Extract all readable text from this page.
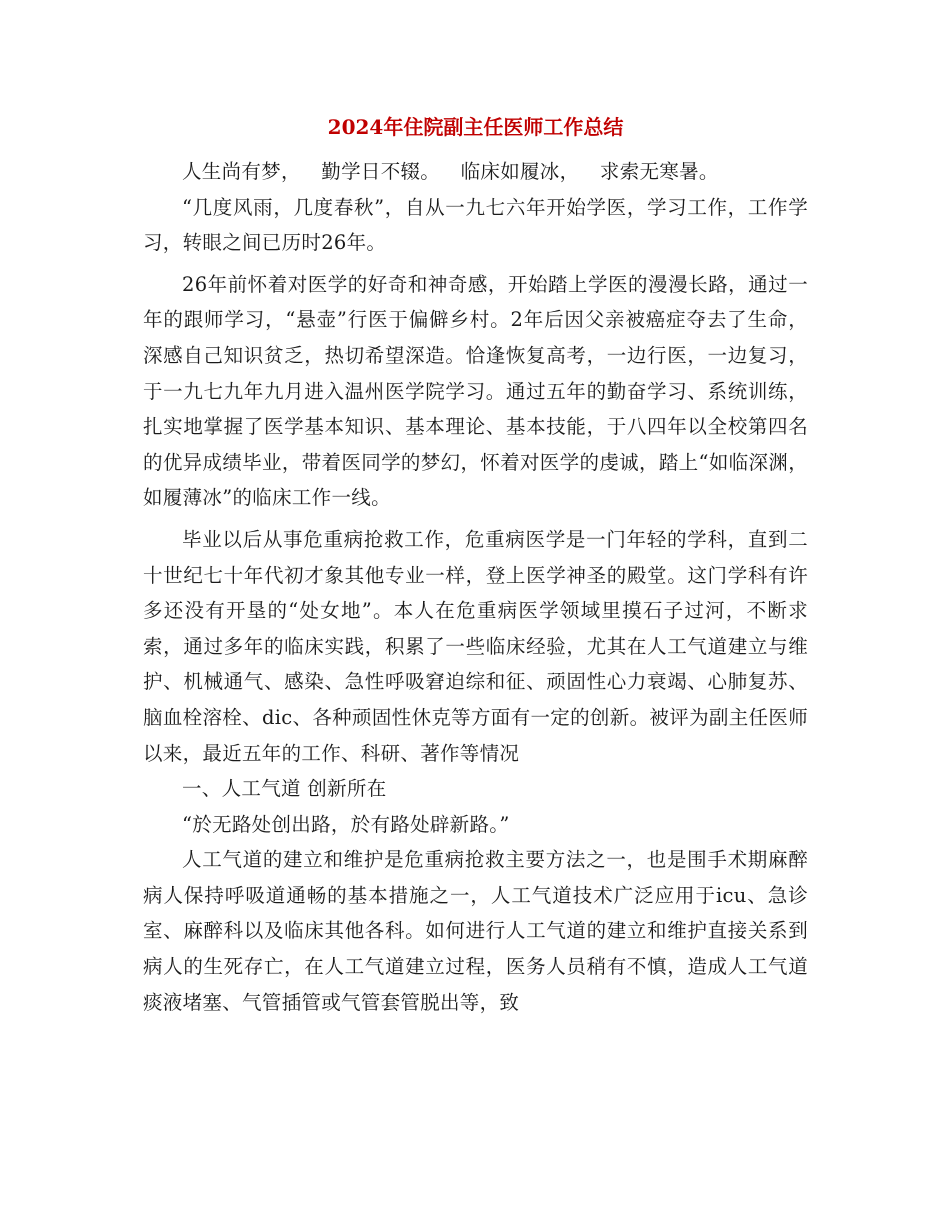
2024年住院副主任医师工作总结

人生尚有梦， 勤学日不辍。 临床如履冰， 求索无寒暑。

“几度风雨，几度春秋”，自从一九七六年开始学医，学习工作，工作学习，转眼之间已历时26年。

26年前怀着对医学的好奇和神奇感，开始踏上学医的漫漫长路，通过一年的跟师学习，“悬壶”行医于偏僻乡村。2年后因父亲被癌症夺去了生命，深感自己知识贫乏，热切希望深造。恰逢恢复高考，一边行医，一边复习，于一九七九年九月进入温州医学院学习。通过五年的勤奋学习、系统训练，扎实地掌握了医学基本知识、基本理论、基本技能，于八四年以全校第四名的优异成绩毕业，带着医同学的梦幻，怀着对医学的虔诚，踏上“如临深渊，如履薄冰”的临床工作一线。

毕业以后从事危重病抢救工作，危重病医学是一门年轻的学科，直到二十世纪七十年代初才象其他专业一样，登上医学神圣的殿堂。这门学科有许多还没有开垦的“处女地”。本人在危重病医学领域里摸石子过河，不断求索，通过多年的临床实践，积累了一些临床经验，尤其在人工气道建立与维护、机械通气、感染、急性呼吸窘迫综和征、顽固性心力衰竭、心肺复苏、脑血栓溶栓、dic、各种顽固性休克等方面有一定的创新。被评为副主任医师以来，最近五年的工作、科研、著作等情况

一、人工气道 创新所在

“於无路处创出路，於有路处辟新路。”

人工气道的建立和维护是危重病抢救主要方法之一，也是围手术期麻醉病人保持呼吸道通畅的基本措施之一，人工气道技术广泛应用于icu、急诊室、麻醉科以及临床其他各科。如何进行人工气道的建立和维护直接关系到病人的生死存亡，在人工气道建立过程，医务人员稍有不慎，造成人工气道痰液堵塞、气管插管或气管套管脱出等，致
